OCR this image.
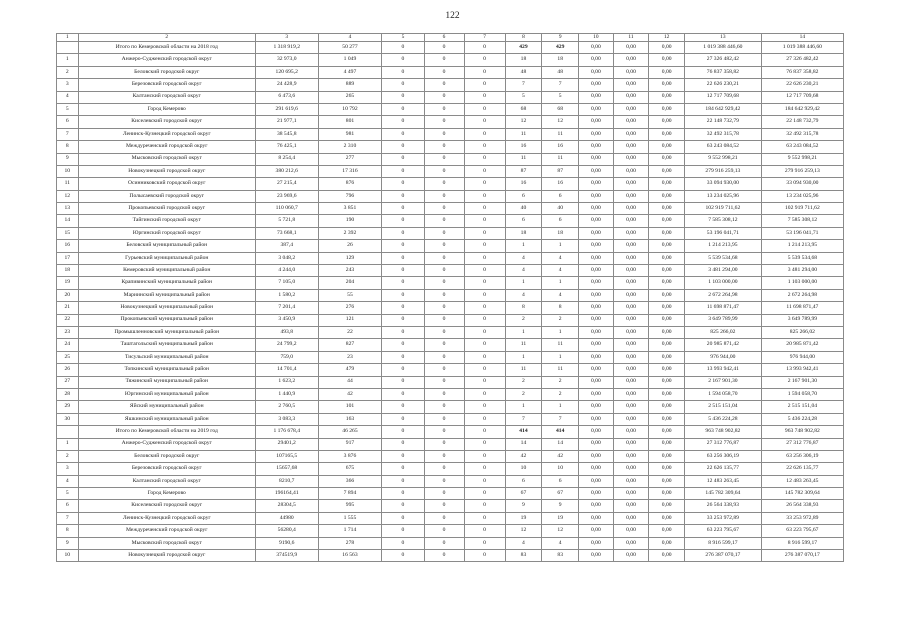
122
1	2	3	4	5	6	7	8	9	10	11	12	13	14
	Итого по Кемеровской области на 2018 год	1 318 919,2	50 277	0	0	0	429	429	0,00	0,00	0,00	1 019 388 446,60	1 019 388 446,60
1	Анжеро-Судженский городской округ	32 973,0	1 049	0	0	0	18	18	0,00	0,00	0,00	27 326 482,42	27 326 482,42
2	Беловский городской округ	120 695,2	4 497	0	0	0	48	48	0,00	0,00	0,00	76 837 358,82	76 837 358,82
3	Березовский городской округ	24 428,9	889	0	0	0	7	7	0,00	0,00	0,00	22 626 230,21	22 626 230,21
4	Калтанский городской округ	6 473,6	265	0	0	0	5	5	0,00	0,00	0,00	12 717 709,68	12 717 709,68
5	Город Кемерово	291 619,6	10 792	0	0	0	68	68	0,00	0,00	0,00	184 642 929,42	184 642 929,42
6	Киселевский городской округ	21 977,1	801	0	0	0	12	12	0,00	0,00	0,00	22 148 732,79	22 148 732,79
7	Ленинск-Кузнецкий городской округ	38 545,8	981	0	0	0	11	11	0,00	0,00	0,00	32 492 315,78	32 492 315,78
8	Междуреченский городской округ	76 425,1	2 310	0	0	0	16	16	0,00	0,00	0,00	63 243 084,52	63 243 084,52
9	Мысковский городской округ	8 254,4	277	0	0	0	11	11	0,00	0,00	0,00	9 552 998,21	9 552 998,21
10	Новокузнецкий городской округ	380 212,6	17 316	0	0	0	87	87	0,00	0,00	0,00	279 916 259,13	279 916 259,13
11	Осинниковский городской округ	27 215,4	876	0	0	0	16	16	0,00	0,00	0,00	33 094 930,00	33 094 930,00
12	Полысаевский городской округ	23 969,6	796	0	0	0	6	6	0,00	0,00	0,00	13 234 025,96	13 234 025,96
13	Прокопьевский городской округ	110 060,7	3 851	0	0	0	40	40	0,00	0,00	0,00	102 919 711,62	102 919 711,62
14	Тайгинский городской округ	5 721,8	190	0	0	0	6	6	0,00	0,00	0,00	7 585 308,12	7 585 308,12
15	Юргинский городской округ	73 668,1	2 392	0	0	0	18	18	0,00	0,00	0,00	53 196 041,71	53 196 041,71
16	Беловский муниципальный район	387,4	26	0	0	0	1	1	0,00	0,00	0,00	1 214 213,95	1 214 213,95
17	Гурьевский муниципальный район	3 048,2	129	0	0	0	4	4	0,00	0,00	0,00	5 539 534,68	5 539 534,68
18	Кемеровский муниципальный район	4 244,0	243	0	0	0	4	4	0,00	0,00	0,00	3 481 294,00	3 481 294,00
19	Крапивинский муниципальный район	7 105,0	204	0	0	0	1	1	0,00	0,00	0,00	1 103 000,00	1 103 000,00
20	Мариинский муниципальный район	1 580,2	55	0	0	0	4	4	0,00	0,00	0,00	2 672 264,98	2 672 264,98
21	Новокузнецкий муниципальный район	7 201,4	276	0	0	0	8	8	0,00	0,00	0,00	11 698 871,47	11 698 871,47
22	Прокопьевский муниципальный район	3 450,9	121	0	0	0	2	2	0,00	0,00	0,00	3 649 789,99	3 649 789,99
23	Промышленновский муниципальный район	493,8	22	0	0	0	1	1	0,00	0,00	0,00	825 266,02	825 266,02
24	Таштагольский муниципальный район	24 799,2	827	0	0	0	11	11	0,00	0,00	0,00	20 985 871,42	20 985 871,42
25	Тисульский муниципальный район	759,0	23	0	0	0	1	1	0,00	0,00	0,00	976 944,00	976 944,00
26	Топкинский муниципальный район	14 701,4	479	0	0	0	11	11	0,00	0,00	0,00	13 993 942,41	13 993 942,41
27	Тяжинский муниципальный район	1 623,2	44	0	0	0	2	2	0,00	0,00	0,00	2 167 901,30	2 167 901,30
28	Юргинский муниципальный район	1 440,9	42	0	0	0	2	2	0,00	0,00	0,00	1 594 058,70	1 594 058,70
29	Яйский муниципальный район	2 760,5	101	0	0	0	1	1	0,00	0,00	0,00	2 515 151,04	2 515 151,04
30	Яшкинский муниципальный район	3 083,3	163	0	0	0	7	7	0,00	0,00	0,00	5 436 224,28	5 436 224,28
	Итого по Кемеровской области на 2019 год	1 176 678,4	46 265	0	0	0	414	414	0,00	0,00	0,00	963 748 902,82	963 748 902,82
1	Анжеро-Судженский городской округ	29401,2	917	0	0	0	14	14	0,00	0,00	0,00	27 312 776,87	27 312 776,87
2	Беловский городской округ	107165,5	3 876	0	0	0	42	42	0,00	0,00	0,00	63 256 306,19	63 256 306,19
3	Березовский городской округ	15657,68	675	0	0	0	10	10	0,00	0,00	0,00	22 626 135,77	22 626 135,77
4	Калтанский городской округ	8210,7	366	0	0	0	6	6	0,00	0,00	0,00	12 483 263,45	12 483 263,45
5	Город Кемерово	196164,41	7 894	0	0	0	67	67	0,00	0,00	0,00	145 782 309,64	145 782 309,64
6	Киселевский городской округ	28304,5	995	0	0	0	9	9	0,00	0,00	0,00	26 564 338,93	26 564 338,93
7	Ленинск-Кузнецкий городской округ	44980	1 555	0	0	0	19	19	0,00	0,00	0,00	33 253 972,89	33 253 972,89
8	Междуреченский городской округ	56280,4	1 714	0	0	0	12	12	0,00	0,00	0,00	63 223 795,67	63 223 795,67
9	Мысковский городской округ	9190,6	278	0	0	0	4	4	0,00	0,00	0,00	8 916 599,17	8 916 599,17
10	Новокузнецкий городской округ	374519,9	16 563	0	0	0	83	83	0,00	0,00	0,00	276 387 070,17	276 387 070,17
